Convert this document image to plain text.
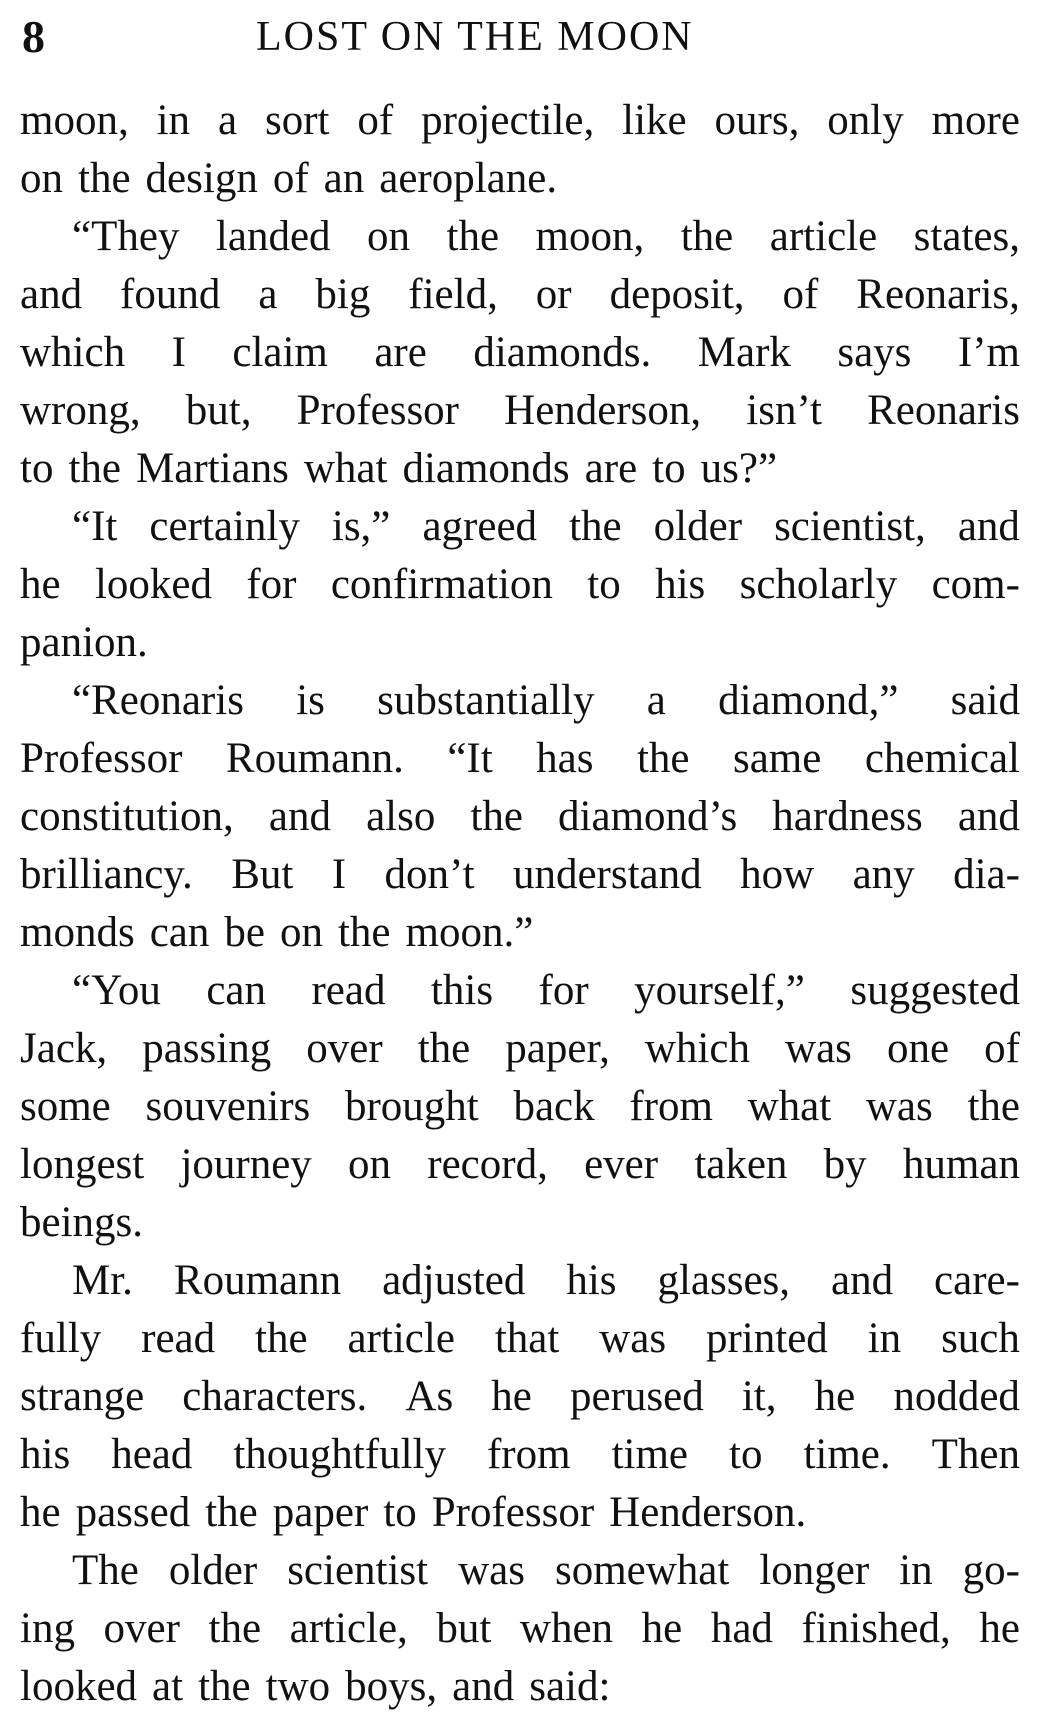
8	LOST ON THE MOON
moon, in a sort of projectile, like ours, only more
on the design of an aeroplane.
“They landed on the moon, the article states,
and found a big field, or deposit, of Reonaris,
which I claim are diamonds. Mark says I’m
wrong, but, Professor Henderson, isn’t Reonaris
to the Martians what diamonds are to us?”
“It certainly is,” agreed the older scientist, and
he looked for confirmation to his scholarly com-
panion.
“Reonaris is substantially a diamond,” said
Professor Roumann. “It has the same chemical
constitution, and also the diamond’s hardness and
brilliancy. But I don’t understand how any dia-
monds can be on the moon.”
“You can read this for yourself,” suggested
Jack, passing over the paper, which was one of
some souvenirs brought back from what was the
longest journey on record, ever taken by human
beings.
Mr. Roumann adjusted his glasses, and care-
fully read the article that was printed in such
strange characters. As he perused it, he nodded
his head thoughtfully from time to time. Then
he passed the paper to Professor Henderson.
The older scientist was somewhat longer in go-
ing over the article, but when he had finished, he
looked at the two boys, and said:
